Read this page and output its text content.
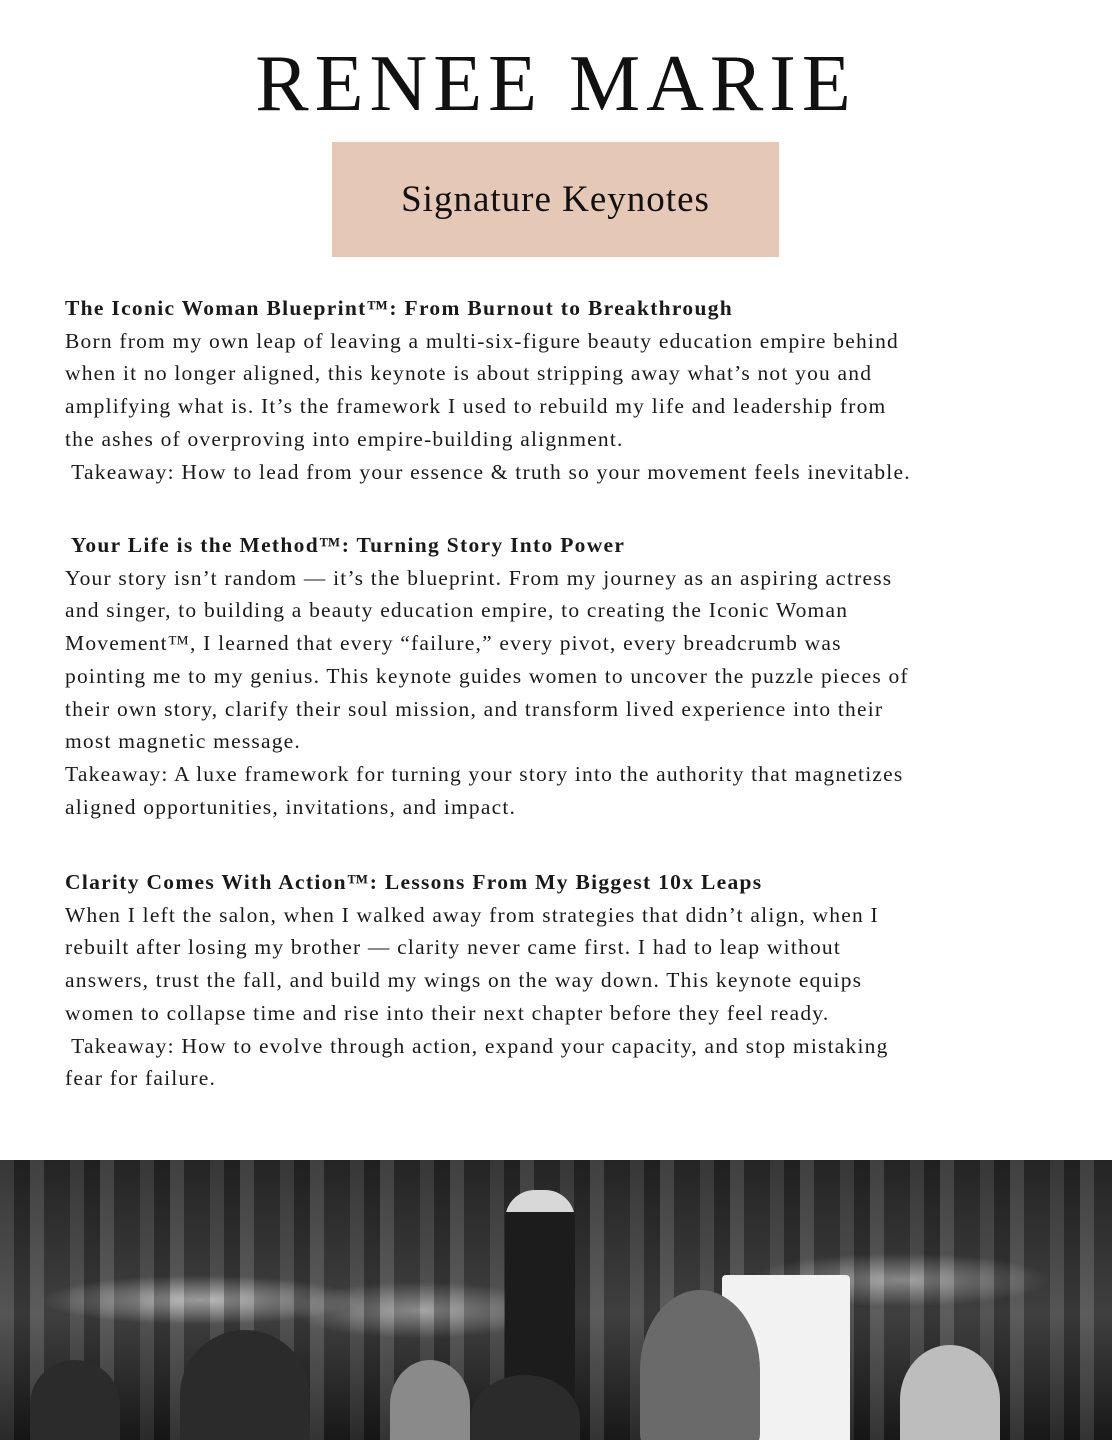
RENEE MARIE
Signature Keynotes
The Iconic Woman Blueprint™: From Burnout to Breakthrough
Born from my own leap of leaving a multi-six-figure beauty education empire behind
when it no longer aligned, this keynote is about stripping away what’s not you and
amplifying what is. It’s the framework I used to rebuild my life and leadership from
the ashes of overproving into empire-building alignment.
Takeaway: How to lead from your essence & truth so your movement feels inevitable.
Your Life is the Method™: Turning Story Into Power
Your story isn’t random — it’s the blueprint. From my journey as an aspiring actress
and singer, to building a beauty education empire, to creating the Iconic Woman
Movement™, I learned that every “failure,” every pivot, every breadcrumb was
pointing me to my genius. This keynote guides women to uncover the puzzle pieces of
their own story, clarify their soul mission, and transform lived experience into their
most magnetic message.
Takeaway: A luxe framework for turning your story into the authority that magnetizes
aligned opportunities, invitations, and impact.
Clarity Comes With Action™: Lessons From My Biggest 10x Leaps
When I left the salon, when I walked away from strategies that didn’t align, when I
rebuilt after losing my brother — clarity never came first. I had to leap without
answers, trust the fall, and build my wings on the way down. This keynote equips
women to collapse time and rise into their next chapter before they feel ready.
Takeaway: How to evolve through action, expand your capacity, and stop mistaking
fear for failure.
